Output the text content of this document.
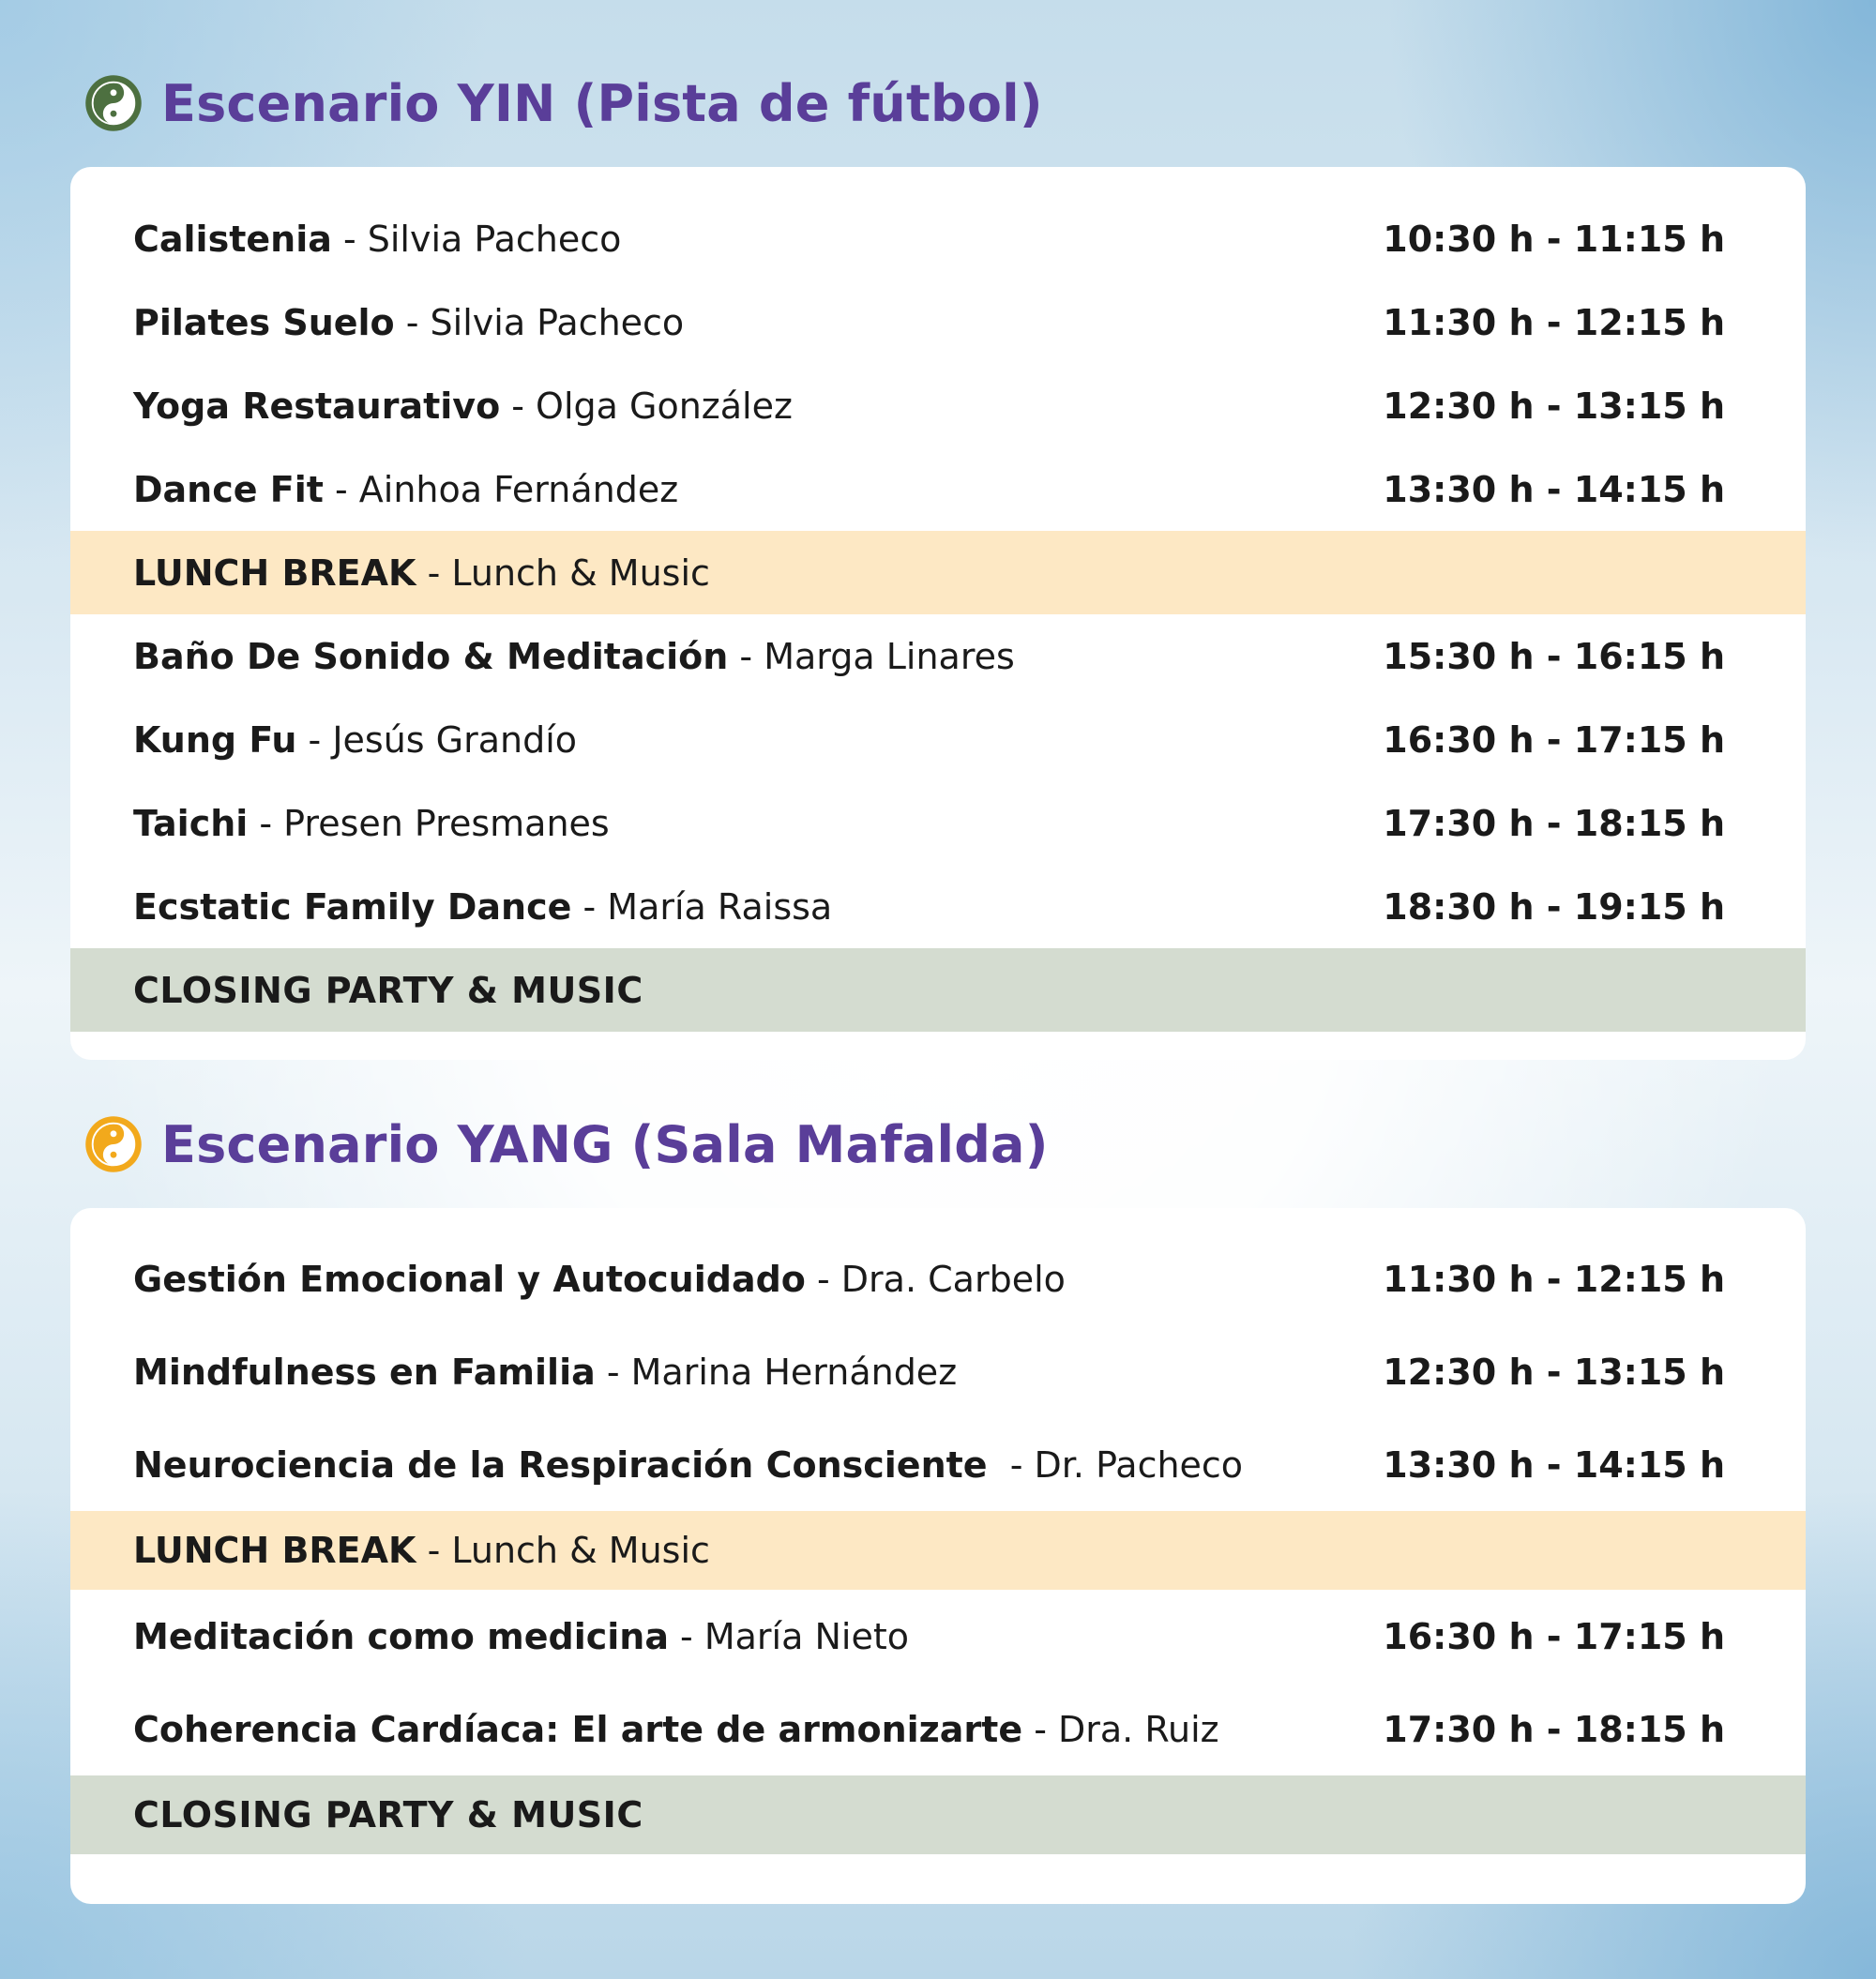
Escenario YIN (Pista de fútbol)
Calistenia - Silvia Pacheco	10:30 h - 11:15 h
Pilates Suelo - Silvia Pacheco	11:30 h - 12:15 h
Yoga Restaurativo - Olga González	12:30 h - 13:15 h
Dance Fit - Ainhoa Fernández	13:30 h - 14:15 h
LUNCH BREAK - Lunch & Music
Baño De Sonido & Meditación - Marga Linares	15:30 h - 16:15 h
Kung Fu - Jesús Grandío	16:30 h - 17:15 h
Taichi - Presen Presmanes	17:30 h - 18:15 h
Ecstatic Family Dance - María Raissa	18:30 h - 19:15 h
CLOSING PARTY & MUSIC
Escenario YANG (Sala Mafalda)
Gestión Emocional y Autocuidado - Dra. Carbelo	11:30 h - 12:15 h
Mindfulness en Familia - Marina Hernández	12:30 h - 13:15 h
Neurociencia de la Respiración Consciente  - Dr. Pacheco	13:30 h - 14:15 h
LUNCH BREAK - Lunch & Music
Meditación como medicina - María Nieto	16:30 h - 17:15 h
Coherencia Cardíaca: El arte de armonizarte - Dra. Ruiz	17:30 h - 18:15 h
CLOSING PARTY & MUSIC
